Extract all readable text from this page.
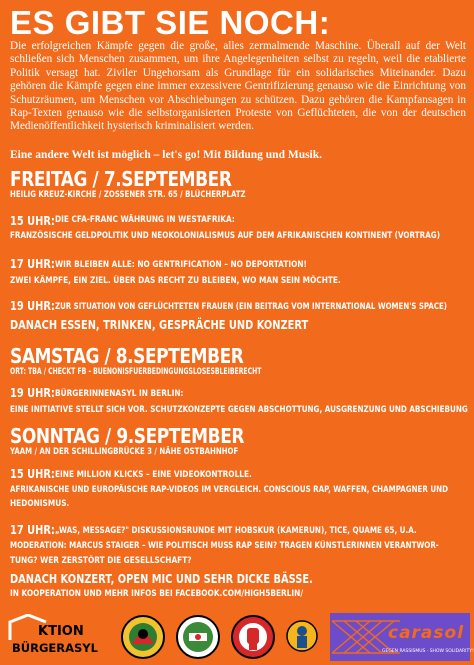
ES GIBT SIE NOCH:
Die erfolgreichen Kämpfe gegen die große, alles zermalmende Maschine. Überall auf der Welt schließen sich Menschen zusammen, um ihre Angelegenheiten selbst zu regeln, weil die etablierte Politik versagt hat. Ziviler Ungehorsam als Grundlage für ein solidarisches Miteinander. Dazu gehören die Kämpfe gegen eine immer exzessivere Gentrifizierung genauso wie die Einrichtung von Schutzräumen, um Menschen vor Abschiebungen zu schützen. Dazu gehören die Kampfansagen in Rap-Texten genauso wie die selbstorganisierten Proteste von Geflüchteten, die von der deutschen Medienöffentlichkeit hysterisch kriminalisiert werden.
Eine andere Welt ist möglich – let's go! Mit Bildung und Musik.
FREITAG / 7.SEPTEMBER
HEILIG KREUZ-KIRCHE / ZOSSENER STR. 65 / BLÜCHERPLATZ
15 UHR: DIE CFA-FRANC WÄHRUNG IN WESTAFRIKA:
FRANZÖSISCHE GELDPOLITIK UND NEOKOLONIALISMUS AUF DEM AFRIKANISCHEN KONTINENT (VORTRAG)
17 UHR: WIR BLEIBEN ALLE: NO GENTRIFICATION – NO DEPORTATION!
ZWEI KÄMPFE, EIN ZIEL. ÜBER DAS RECHT ZU BLEIBEN, WO MAN SEIN MÖCHTE.
19 UHR: ZUR SITUATION VON GEFLÜCHTETEN FRAUEN (EIN BEITRAG VOM INTERNATIONAL WOMEN'S SPACE)
DANACH ESSEN, TRINKEN, GESPRÄCHE UND KONZERT
SAMSTAG / 8.SEPTEMBER
ORT: TBA / CHECKT FB - BUENONISFUERBEDINGUNGSLOSESBLEIBERECHT
19 UHR: BÜRGERINNENASYL IN BERLIN:
EINE INITIATIVE STELLT SICH VOR. SCHUTZKONZEPTE GEGEN ABSCHOTTUNG, AUSGRENZUNG UND ABSCHIEBUNG
SONNTAG / 9.SEPTEMBER
YAAM / AN DER SCHILLINGBRÜCKE 3 / NÄHE OSTBAHNHOF
15 UHR: EINE MILLION KLICKS – EINE VIDEOKONTROLLE.
AFRIKANISCHE UND EUROPÄISCHE RAP-VIDEOS IM VERGLEICH. CONSCIOUS RAP, WAFFEN, CHAMPAGNER UND
HEDONISMUS.
17 UHR: „WAS, MESSAGE?" DISKUSSIONSRUNDE MIT HOBSKUR (KAMERUN), TICE, QUAME 65, U.A.
MODERATION: MARCUS STAIGER – WIE POLITISCH MUSS RAP SEIN? TRAGEN KÜNSTLERINNEN VERANTWOR-
TUNG? WER ZERSTÖRT DIE GESELLSCHAFT?
DANACH KONZERT, OPEN MIC UND SEHR DICKE BÄSSE.
IN KOOPERATION UND MEHR INFOS BEI FACEBOOK.COM/HIGH5BERLIN/
KTION
BÜRGERASYL
carasol
GEGEN RASSISMUS · SHOW SOLIDARITY!
